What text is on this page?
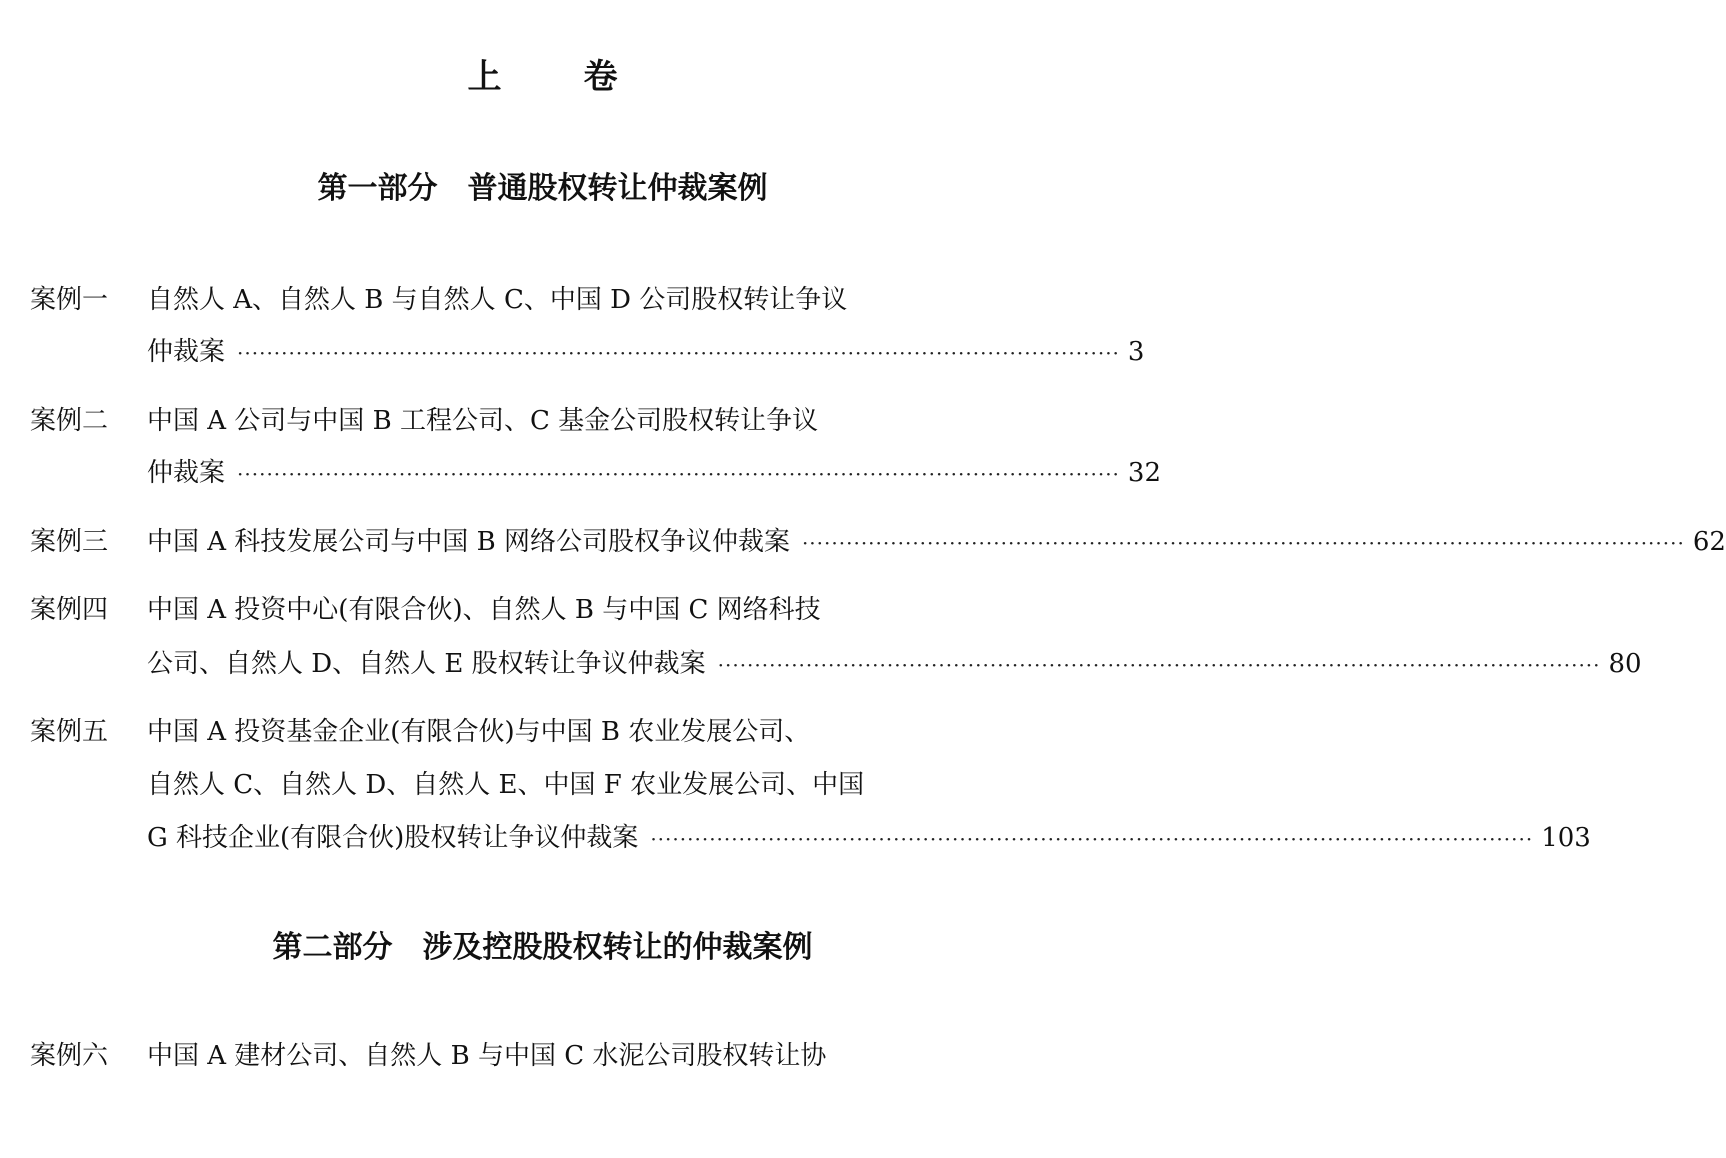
上卷
第一部分　普通股权转让仲裁案例
案例一	自然人 A、自然人 B 与自然人 C、中国 D 公司股权转让争议
仲裁案 ························································································································ 3
案例二	中国 A 公司与中国 B 工程公司、C 基金公司股权转让争议
仲裁案 ························································································································ 32
案例三	中国 A 科技发展公司与中国 B 网络公司股权争议仲裁案 ························································································································ 62
案例四	中国 A 投资中心(有限合伙)、自然人 B 与中国 C 网络科技
公司、自然人 D、自然人 E 股权转让争议仲裁案 ························································································································ 80
案例五	中国 A 投资基金企业(有限合伙)与中国 B 农业发展公司、
自然人 C、自然人 D、自然人 E、中国 F 农业发展公司、中国
G 科技企业(有限合伙)股权转让争议仲裁案 ························································································································ 103
第二部分　涉及控股股权转让的仲裁案例
案例六	中国 A 建材公司、自然人 B 与中国 C 水泥公司股权转让协
